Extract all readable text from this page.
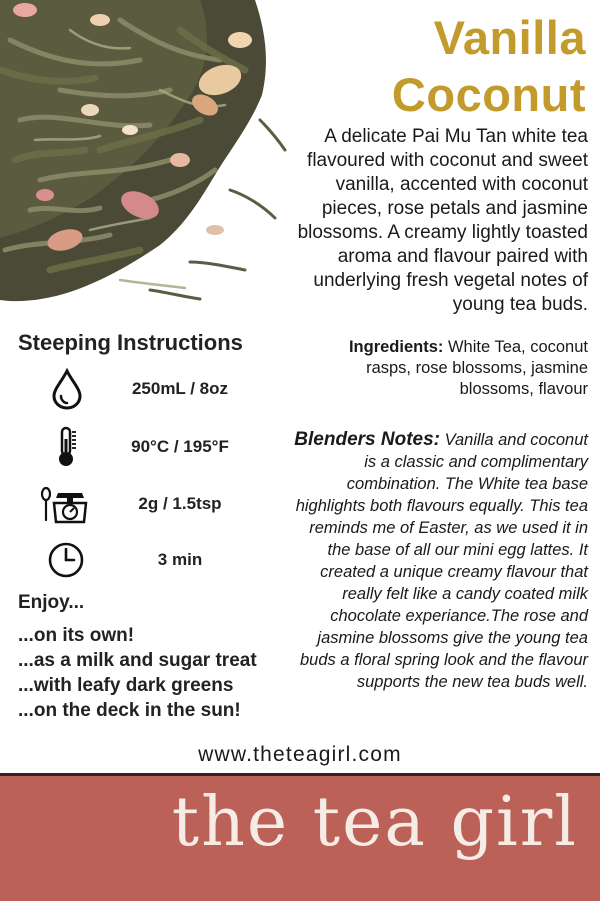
Vanilla
Coconut
A delicate Pai Mu Tan white tea flavoured with coconut and sweet vanilla, accented with coconut pieces, rose petals and jasmine blossoms. A creamy lightly toasted aroma and flavour paired with underlying fresh vegetal notes of young tea buds.
Steeping Instructions
250mL / 8oz
90°C / 195°F
2g / 1.5tsp
3 min
Enjoy...
...on its own!
...as a milk and sugar treat
...with leafy dark greens
...on the deck in the sun!
Ingredients: White Tea, coconut rasps, rose blossoms, jasmine blossoms, flavour
Blenders Notes: Vanilla and coconut is a classic and complimentary combination. The White tea base highlights both flavours equally. This tea reminds me of Easter, as we used it in the base of all our mini egg lattes. It created a unique creamy flavour that really felt like a candy coated milk chocolate experiance.The rose and jasmine blossoms give the young tea buds a floral spring look and the flavour supports the new tea buds well.
www.theteagirl.com
the tea girl
